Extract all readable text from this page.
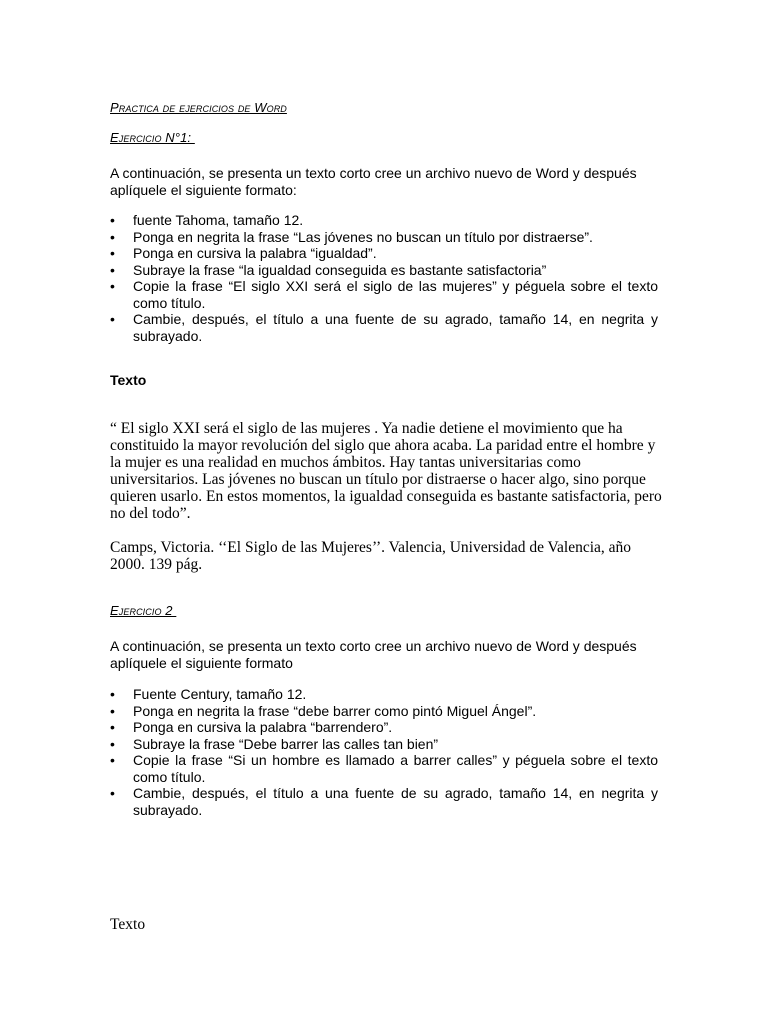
Practica de ejercicios de Word
Ejercicio N°1:

A continuación, se presenta un texto corto cree un archivo nuevo de Word y después aplíquele el siguiente formato:

• fuente Tahoma, tamaño 12.
• Ponga en negrita la frase “Las jóvenes no buscan un título por distraerse”.
• Ponga en cursiva la palabra “igualdad”.
• Subraye la frase “la igualdad conseguida es bastante satisfactoria”
• Copie la frase “El siglo XXI será el siglo de las mujeres” y péguela sobre el texto como título.
• Cambie, después, el título a una fuente de su agrado, tamaño 14, en negrita y subrayado.
Texto

“ El siglo XXI será el siglo de las mujeres . Ya nadie detiene el movimiento que ha constituido la mayor revolución del siglo que ahora acaba. La paridad entre el hombre y la mujer es una realidad en muchos ámbitos. Hay tantas universitarias como universitarios. Las jóvenes no buscan un título por distraerse o hacer algo, sino porque quieren usarlo. En estos momentos, la igualdad conseguida es bastante satisfactoria, pero no del todo”.

Camps, Victoria. ‘‘El Siglo de las Mujeres’’. Valencia, Universidad de Valencia, año 2000. 139 pág.

Ejercicio 2

A continuación, se presenta un texto corto cree un archivo nuevo de Word y después aplíquele el siguiente formato

• Fuente Century, tamaño 12.
• Ponga en negrita la frase “debe barrer como pintó Miguel Ángel”.
• Ponga en cursiva la palabra “barrendero”.
• Subraye la frase “Debe barrer las calles tan bien”
• Copie la frase “Si un hombre es llamado a barrer calles” y péguela sobre el texto como título.
• Cambie, después, el título a una fuente de su agrado, tamaño 14, en negrita y subrayado.
Texto
